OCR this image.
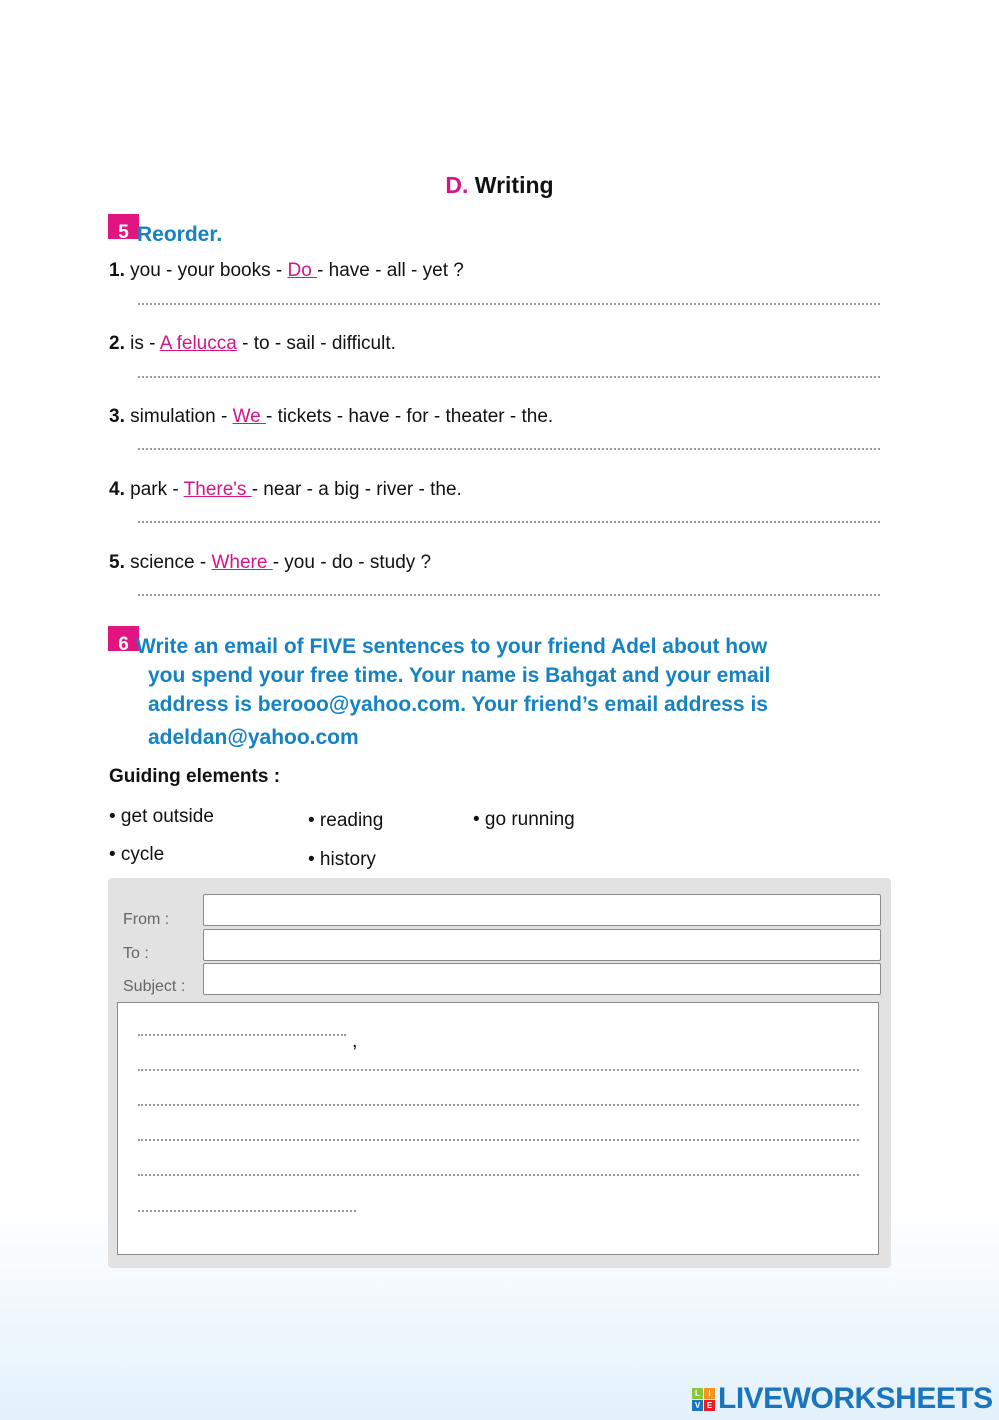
D. Writing
5 Reorder.
1. you - your books - Do - have - all - yet ?
2. is - A felucca - to - sail - difficult.
3. simulation - We - tickets - have - for - theater - the.
4. park - There's - near - a big - river - the.
5. science - Where - you - do - study ?
6 Write an email of FIVE sentences to your friend Adel about how
you spend your free time. Your name is Bahgat and your email
address is berooo@yahoo.com. Your friend’s email address is
adeldan@yahoo.com
Guiding elements :
• get outside	• reading	• go running
• cycle	• history
From :
To :
Subject :
,
L	I
V E LIVEWORKSHEETS
